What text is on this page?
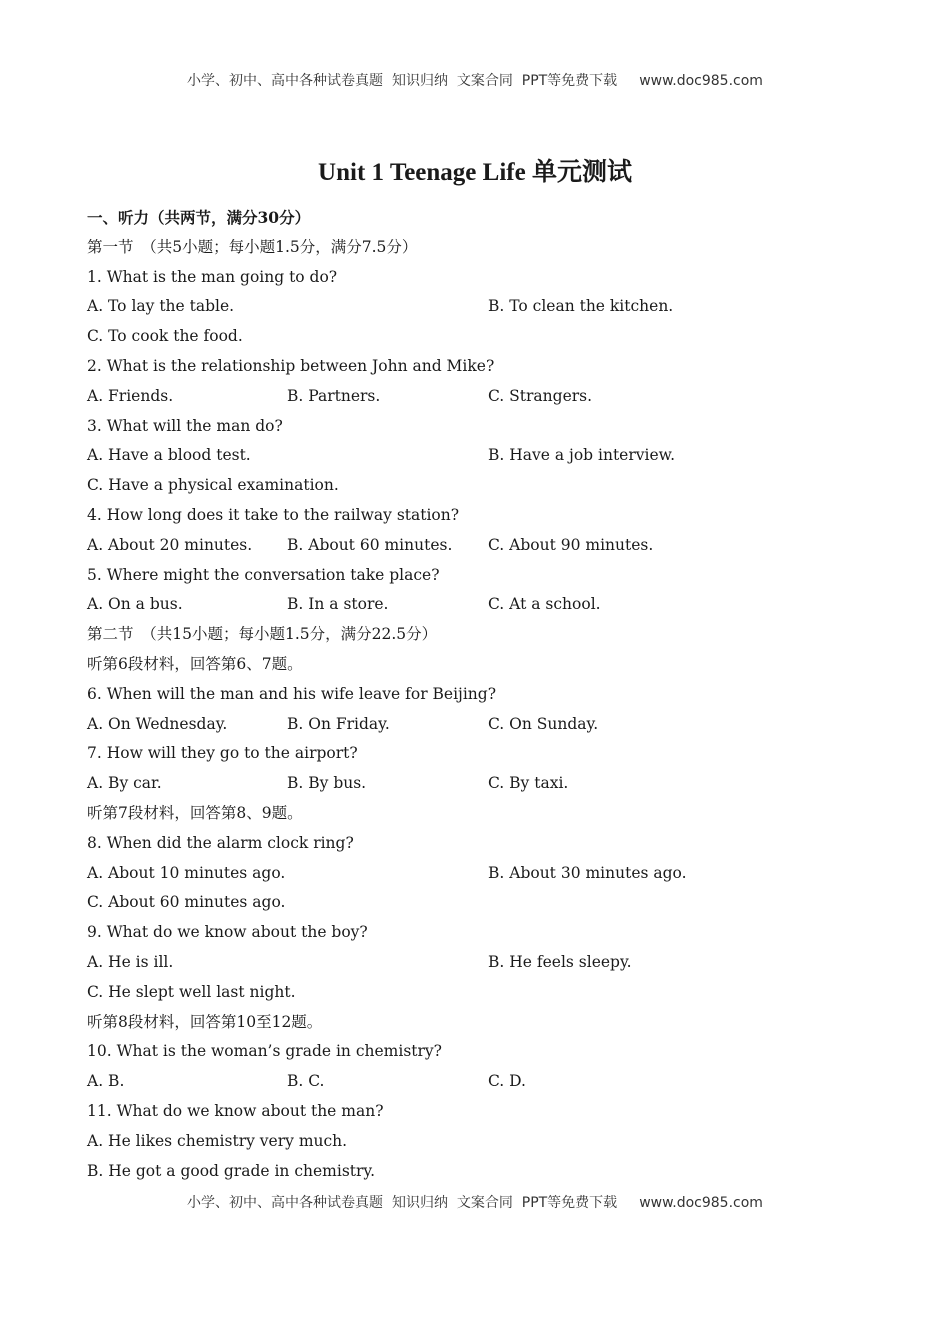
小学、初中、高中各种试卷真题  知识归纳  文案合同  PPT等免费下载 www.doc985.com
Unit 1 Teenage Life 单元测试
一、听力（共两节，满分30分）
第一节　（共5小题；每小题1.5分，满分7.5分）
1. What is the man going to do?
A. To lay the table.	B. To clean the kitchen.
C. To cook the food.
2. What is the relationship between John and Mike?
A. Friends.	B. Partners.	C. Strangers.
3. What will the man do?
A. Have a blood test.	B. Have a job interview.
C. Have a physical examination.
4. How long does it take to the railway station?
A. About 20 minutes. B. About 60 minutes. C. About 90 minutes.
5. Where might the conversation take place?
A. On a bus.	B. In a store.	C. At a school.
第二节　（共15小题；每小题1.5分，满分22.5分）
听第6段材料，回答第6、7题。
6. When will the man and his wife leave for Beijing?
A. On Wednesday.	B. On Friday.	C. On Sunday.
7. How will they go to the airport?
A. By car.	B. By bus.	C. By taxi.
听第7段材料，回答第8、9题。
8. When did the alarm clock ring?
A. About 10 minutes ago.	B. About 30 minutes ago.
C. About 60 minutes ago.
9. What do we know about the boy?
A. He is ill.	B. He feels sleepy.
C. He slept well last night.
听第8段材料，回答第10至12题。
10. What is the woman’s grade in chemistry?
A. B.	B. C.	C. D.
11. What do we know about the man?
A. He likes chemistry very much.
B. He got a good grade in chemistry.
小学、初中、高中各种试卷真题  知识归纳  文案合同  PPT等免费下载 www.doc985.com
